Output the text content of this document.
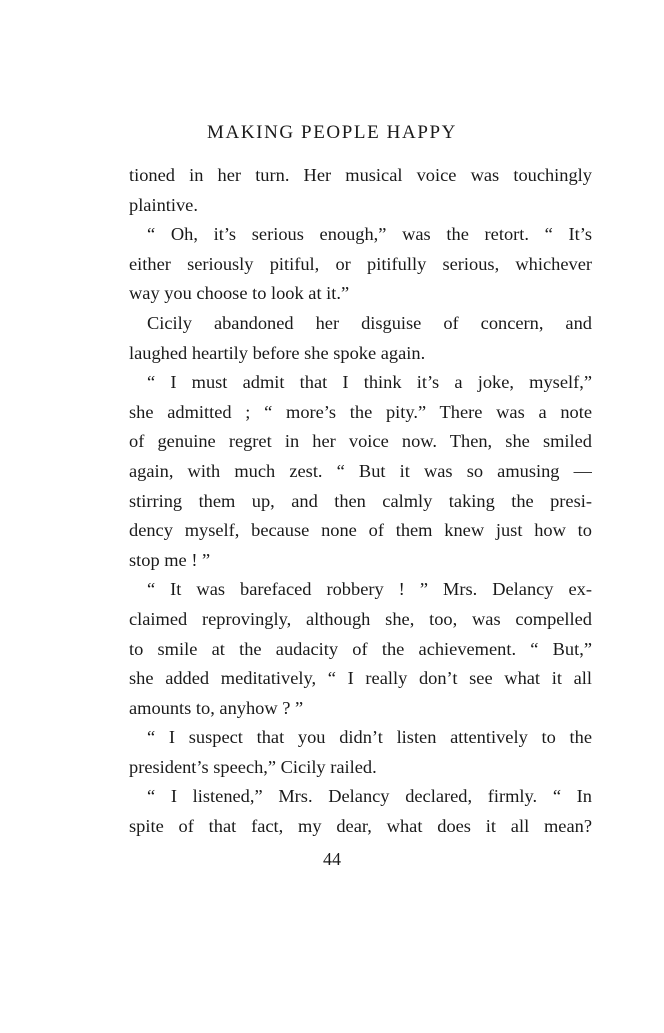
MAKING PEOPLE HAPPY
tioned in her turn. Her musical voice was touchingly
plaintive.
“ Oh, it’s serious enough,” was the retort. “ It’s
either seriously pitiful, or pitifully serious, whichever
way you choose to look at it.”
Cicily abandoned her disguise of concern, and
laughed heartily before she spoke again.
“ I must admit that I think it’s a joke, myself,”
she admitted ; “ more’s the pity.” There was a note
of genuine regret in her voice now. Then, she smiled
again, with much zest. “ But it was so amusing —
stirring them up, and then calmly taking the presi-
dency myself, because none of them knew just how to
stop me ! ”
“ It was barefaced robbery ! ” Mrs. Delancy ex-
claimed reprovingly, although she, too, was compelled
to smile at the audacity of the achievement. “ But,”
she added meditatively, “ I really don’t see what it all
amounts to, anyhow ? ”
“ I suspect that you didn’t listen attentively to the
president’s speech,” Cicily railed.
“ I listened,” Mrs. Delancy declared, firmly. “ In
spite of that fact, my dear, what does it all mean?
44
